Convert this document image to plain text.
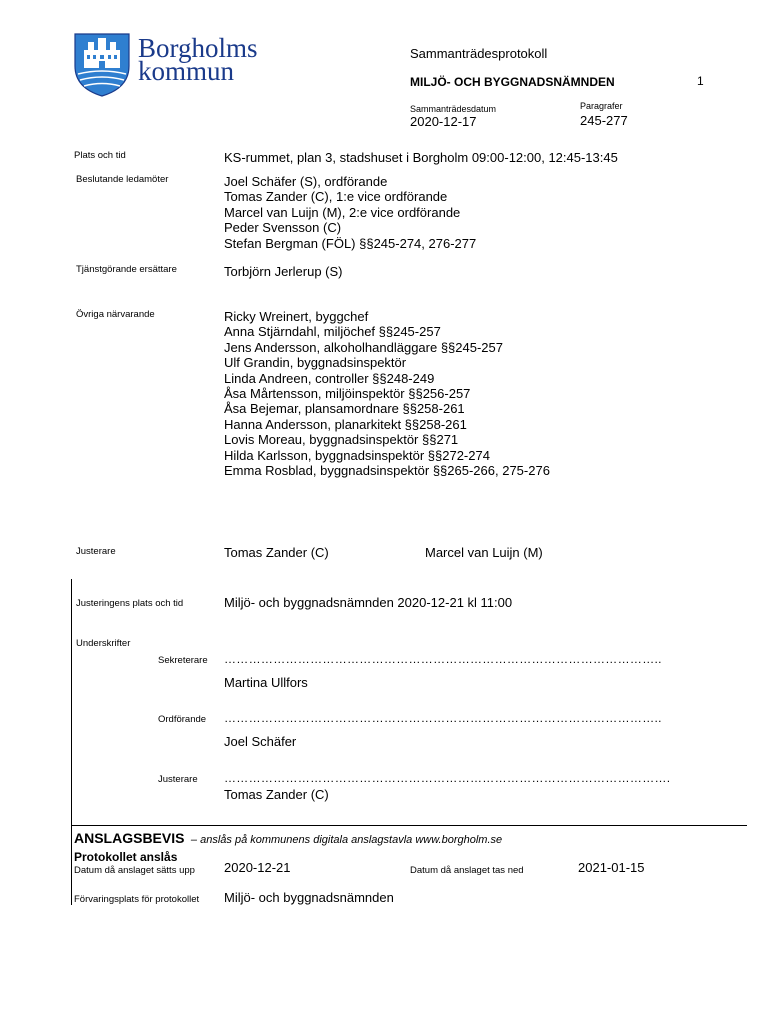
Borgholms
kommun
Sammanträdesprotokoll
MILJÖ- OCH BYGGNADSNÄMNDEN	1
Sammanträdesdatum
2020-12-17
Paragrafer
245-277
Plats och tid	KS-rummet, plan 3, stadshuset i Borgholm 09:00-12:00, 12:45-13:45
Beslutande ledamöter	Joel Schäfer (S), ordförande
Tomas Zander (C), 1:e vice ordförande
Marcel van Luijn (M), 2:e vice ordförande
Peder Svensson (C)
Stefan Bergman (FÖL) §§245-274, 276-277
Tjänstgörande ersättare	Torbjörn Jerlerup (S)
Övriga närvarande	Ricky Wreinert, byggchef
Anna Stjärndahl, miljöchef §§245-257
Jens Andersson, alkoholhandläggare §§245-257
Ulf Grandin, byggnadsinspektör
Linda Andreen, controller §§248-249
Åsa Mårtensson, miljöinspektör §§256-257
Åsa Bejemar, plansamordnare §§258-261
Hanna Andersson, planarkitekt §§258-261
Lovis Moreau, byggnadsinspektör §§271
Hilda Karlsson, byggnadsinspektör §§272-274
Emma Rosblad, byggnadsinspektör §§265-266, 275-276
Justerare	Tomas Zander (C)	Marcel van Luijn (M)
Justeringens plats och tid	Miljö- och byggnadsnämnden 2020-12-21 kl 11:00
Underskrifter
Sekreterare ……………………………………………………………………………………………..
Martina Ullfors
Ordförande ……………………………………………………………………………………………..
Joel Schäfer
Justerare ……………………………………………………………………………………………….
Tomas Zander (C)
ANSLAGSBEVIS – anslås på kommunens digitala anslagstavla www.borgholm.se
Protokollet anslås
Datum då anslaget sätts upp 2020-12-21	Datum då anslaget tas ned	2021-01-15
Förvaringsplats för protokollet Miljö- och byggnadsnämnden
